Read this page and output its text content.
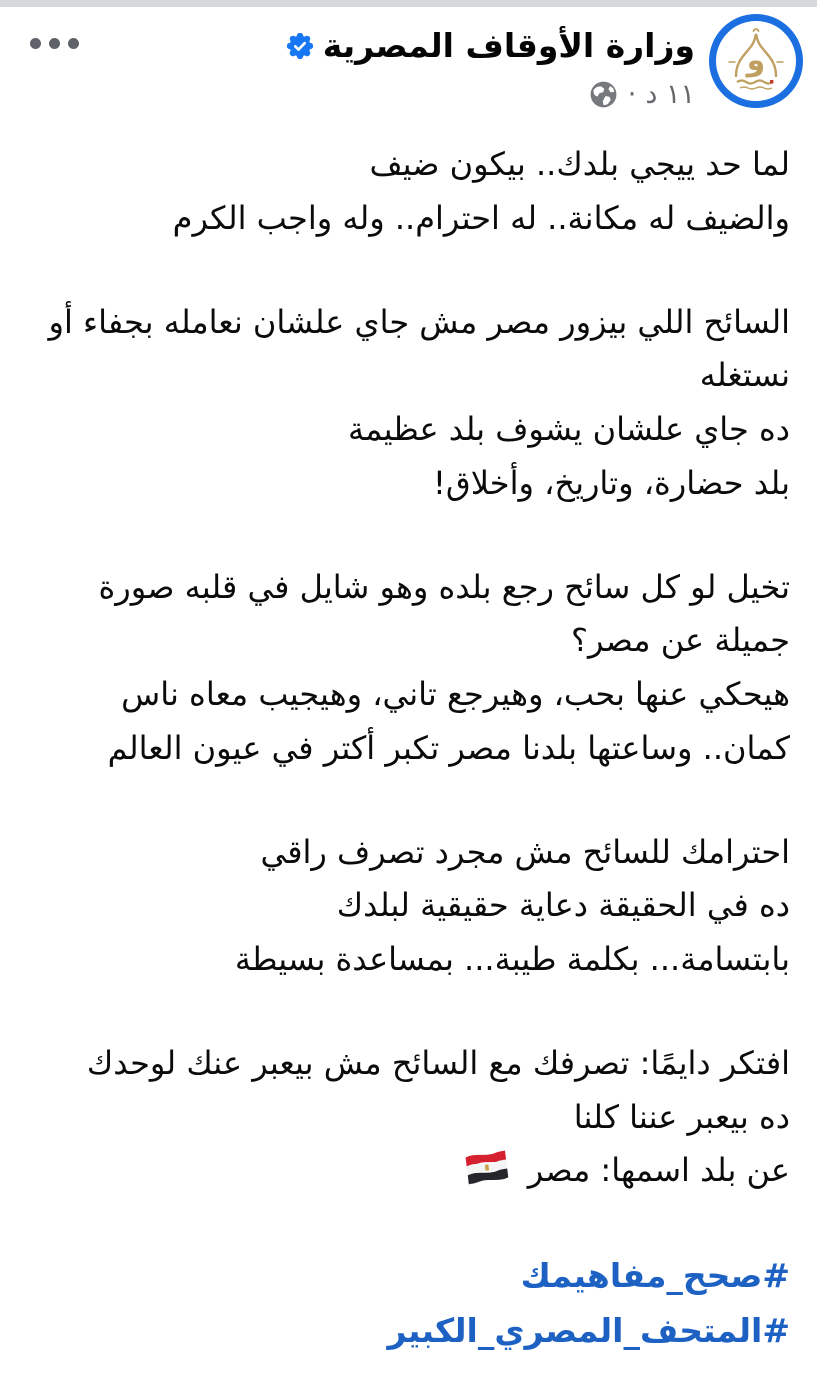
و
وزارة الأوقاف المصرية
١١ د
·

لما حد ييجي بلدك.. بيكون ضيف
والضيف له مكانة.. له احترام.. وله واجب الكرم

السائح اللي بيزور مصر مش جاي علشان نعامله بجفاء أو نستغله
ده جاي علشان يشوف بلد عظيمة
بلد حضارة، وتاريخ، وأخلاق!

تخيل لو كل سائح رجع بلده وهو شايل في قلبه صورة جميلة عن مصر؟
هيحكي عنها بحب، وهيرجع تاني، وهيجيب معاه ناس كمان.. وساعتها بلدنا مصر تكبر أكتر في عيون العالم

احترامك للسائح مش مجرد تصرف راقي
ده في الحقيقة دعاية حقيقية لبلدك
بابتسامة... بكلمة طيبة... بمساعدة بسيطة

افتكر دايمًا: تصرفك مع السائح مش بيعبر عنك لوحدك
ده بيعبر عننا كلنا
عن بلد اسمها: مصر

#صحح_مفاهيمك
#المتحف_المصري_الكبير
